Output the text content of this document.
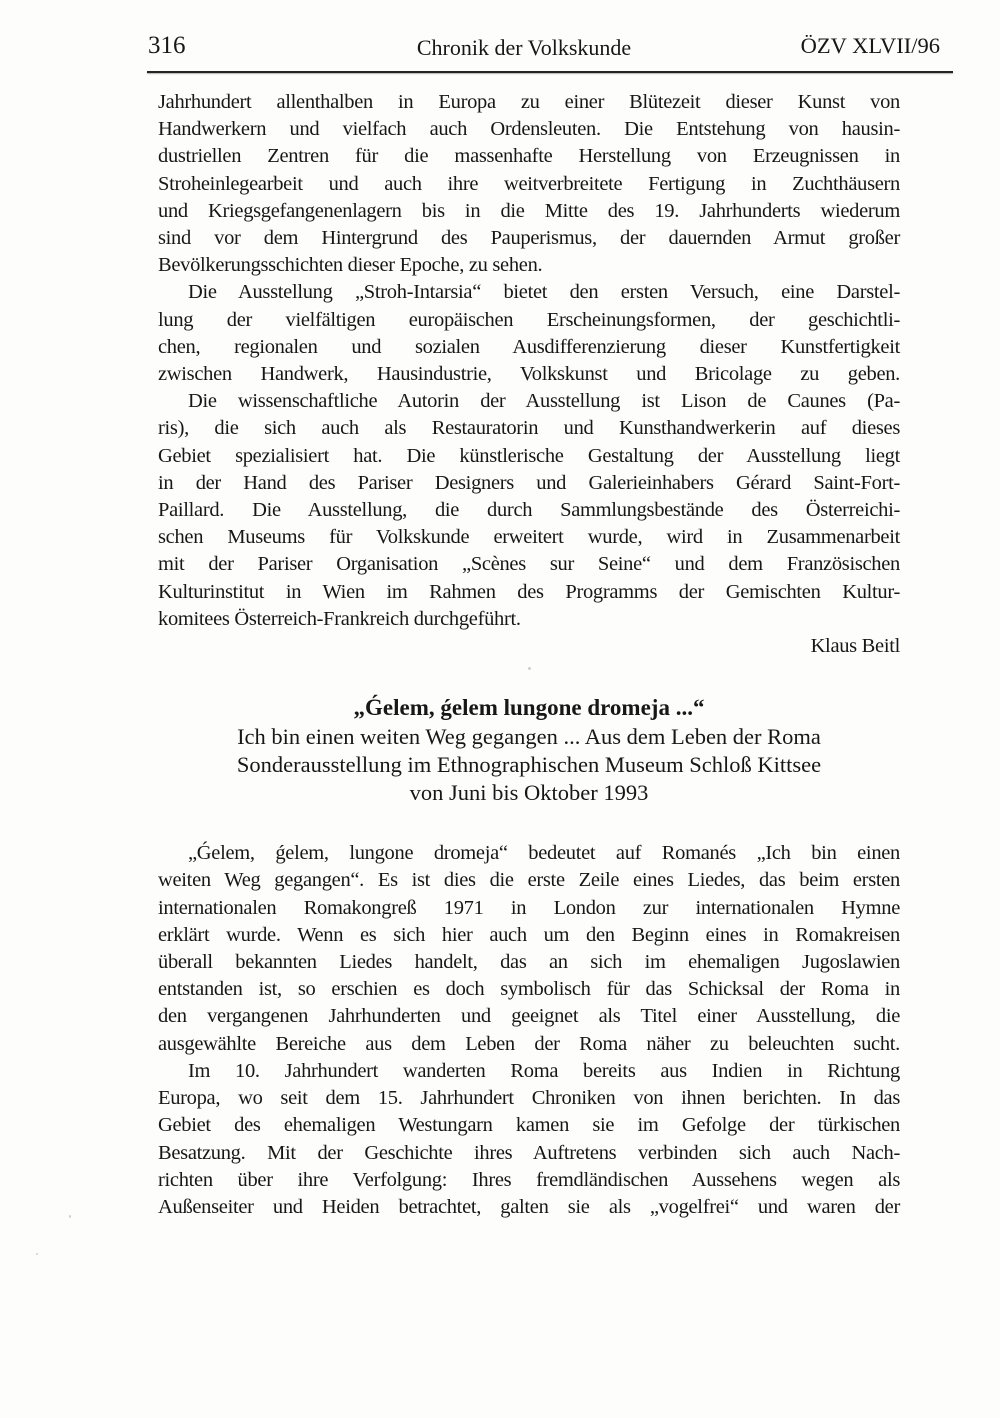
316	Chronik der Volkskunde	ÖZV XLVII/96
Jahrhundert allenthalben in Europa zu einer Blütezeit dieser Kunst von
Handwerkern und vielfach auch Ordensleuten. Die Entstehung von hausin-
dustriellen Zentren für die massenhafte Herstellung von Erzeugnissen in
Stroheinlegearbeit und auch ihre weitverbreitete Fertigung in Zuchthäusern
und Kriegsgefangenenlagern bis in die Mitte des 19. Jahrhunderts wiederum
sind vor dem Hintergrund des Pauperismus, der dauernden Armut großer
Bevölkerungsschichten dieser Epoche, zu sehen.
Die Ausstellung „Stroh-Intarsia“ bietet den ersten Versuch, eine Darstel-
lung der vielfältigen europäischen Erscheinungsformen, der geschichtli-
chen, regionalen und sozialen Ausdifferenzierung dieser Kunstfertigkeit
zwischen Handwerk, Hausindustrie, Volkskunst und Bricolage zu geben.
Die wissenschaftliche Autorin der Ausstellung ist Lison de Caunes (Pa-
ris), die sich auch als Restauratorin und Kunsthandwerkerin auf dieses
Gebiet spezialisiert hat. Die künstlerische Gestaltung der Ausstellung liegt
in der Hand des Pariser Designers und Galerieinhabers Gérard Saint-Fort-
Paillard. Die Ausstellung, die durch Sammlungsbestände des Österreichi-
schen Museums für Volkskunde erweitert wurde, wird in Zusammenarbeit
mit der Pariser Organisation „Scènes sur Seine“ und dem Französischen
Kulturinstitut in Wien im Rahmen des Programms der Gemischten Kultur-
komitees Österreich-Frankreich durchgeführt.
Klaus Beitl
„Ǵelem, ǵelem lungone dromeja ...“
Ich bin einen weiten Weg gegangen ... Aus dem Leben der Roma
Sonderausstellung im Ethnographischen Museum Schloß Kittsee
von Juni bis Oktober 1993
„Ǵelem, ǵelem, lungone dromeja“ bedeutet auf Romanés „Ich bin einen
weiten Weg gegangen“. Es ist dies die erste Zeile eines Liedes, das beim ersten
internationalen Romakongreß 1971 in London zur internationalen Hymne
erklärt wurde. Wenn es sich hier auch um den Beginn eines in Romakreisen
überall bekannten Liedes handelt, das an sich im ehemaligen Jugoslawien
entstanden ist, so erschien es doch symbolisch für das Schicksal der Roma in
den vergangenen Jahrhunderten und geeignet als Titel einer Ausstellung, die
ausgewählte Bereiche aus dem Leben der Roma näher zu beleuchten sucht.
Im 10. Jahrhundert wanderten Roma bereits aus Indien in Richtung
Europa, wo seit dem 15. Jahrhundert Chroniken von ihnen berichten. In das
Gebiet des ehemaligen Westungarn kamen sie im Gefolge der türkischen
Besatzung. Mit der Geschichte ihres Auftretens verbinden sich auch Nach-
richten über ihre Verfolgung: Ihres fremdländischen Aussehens wegen als
Außenseiter und Heiden betrachtet, galten sie als „vogelfrei“ und waren der
